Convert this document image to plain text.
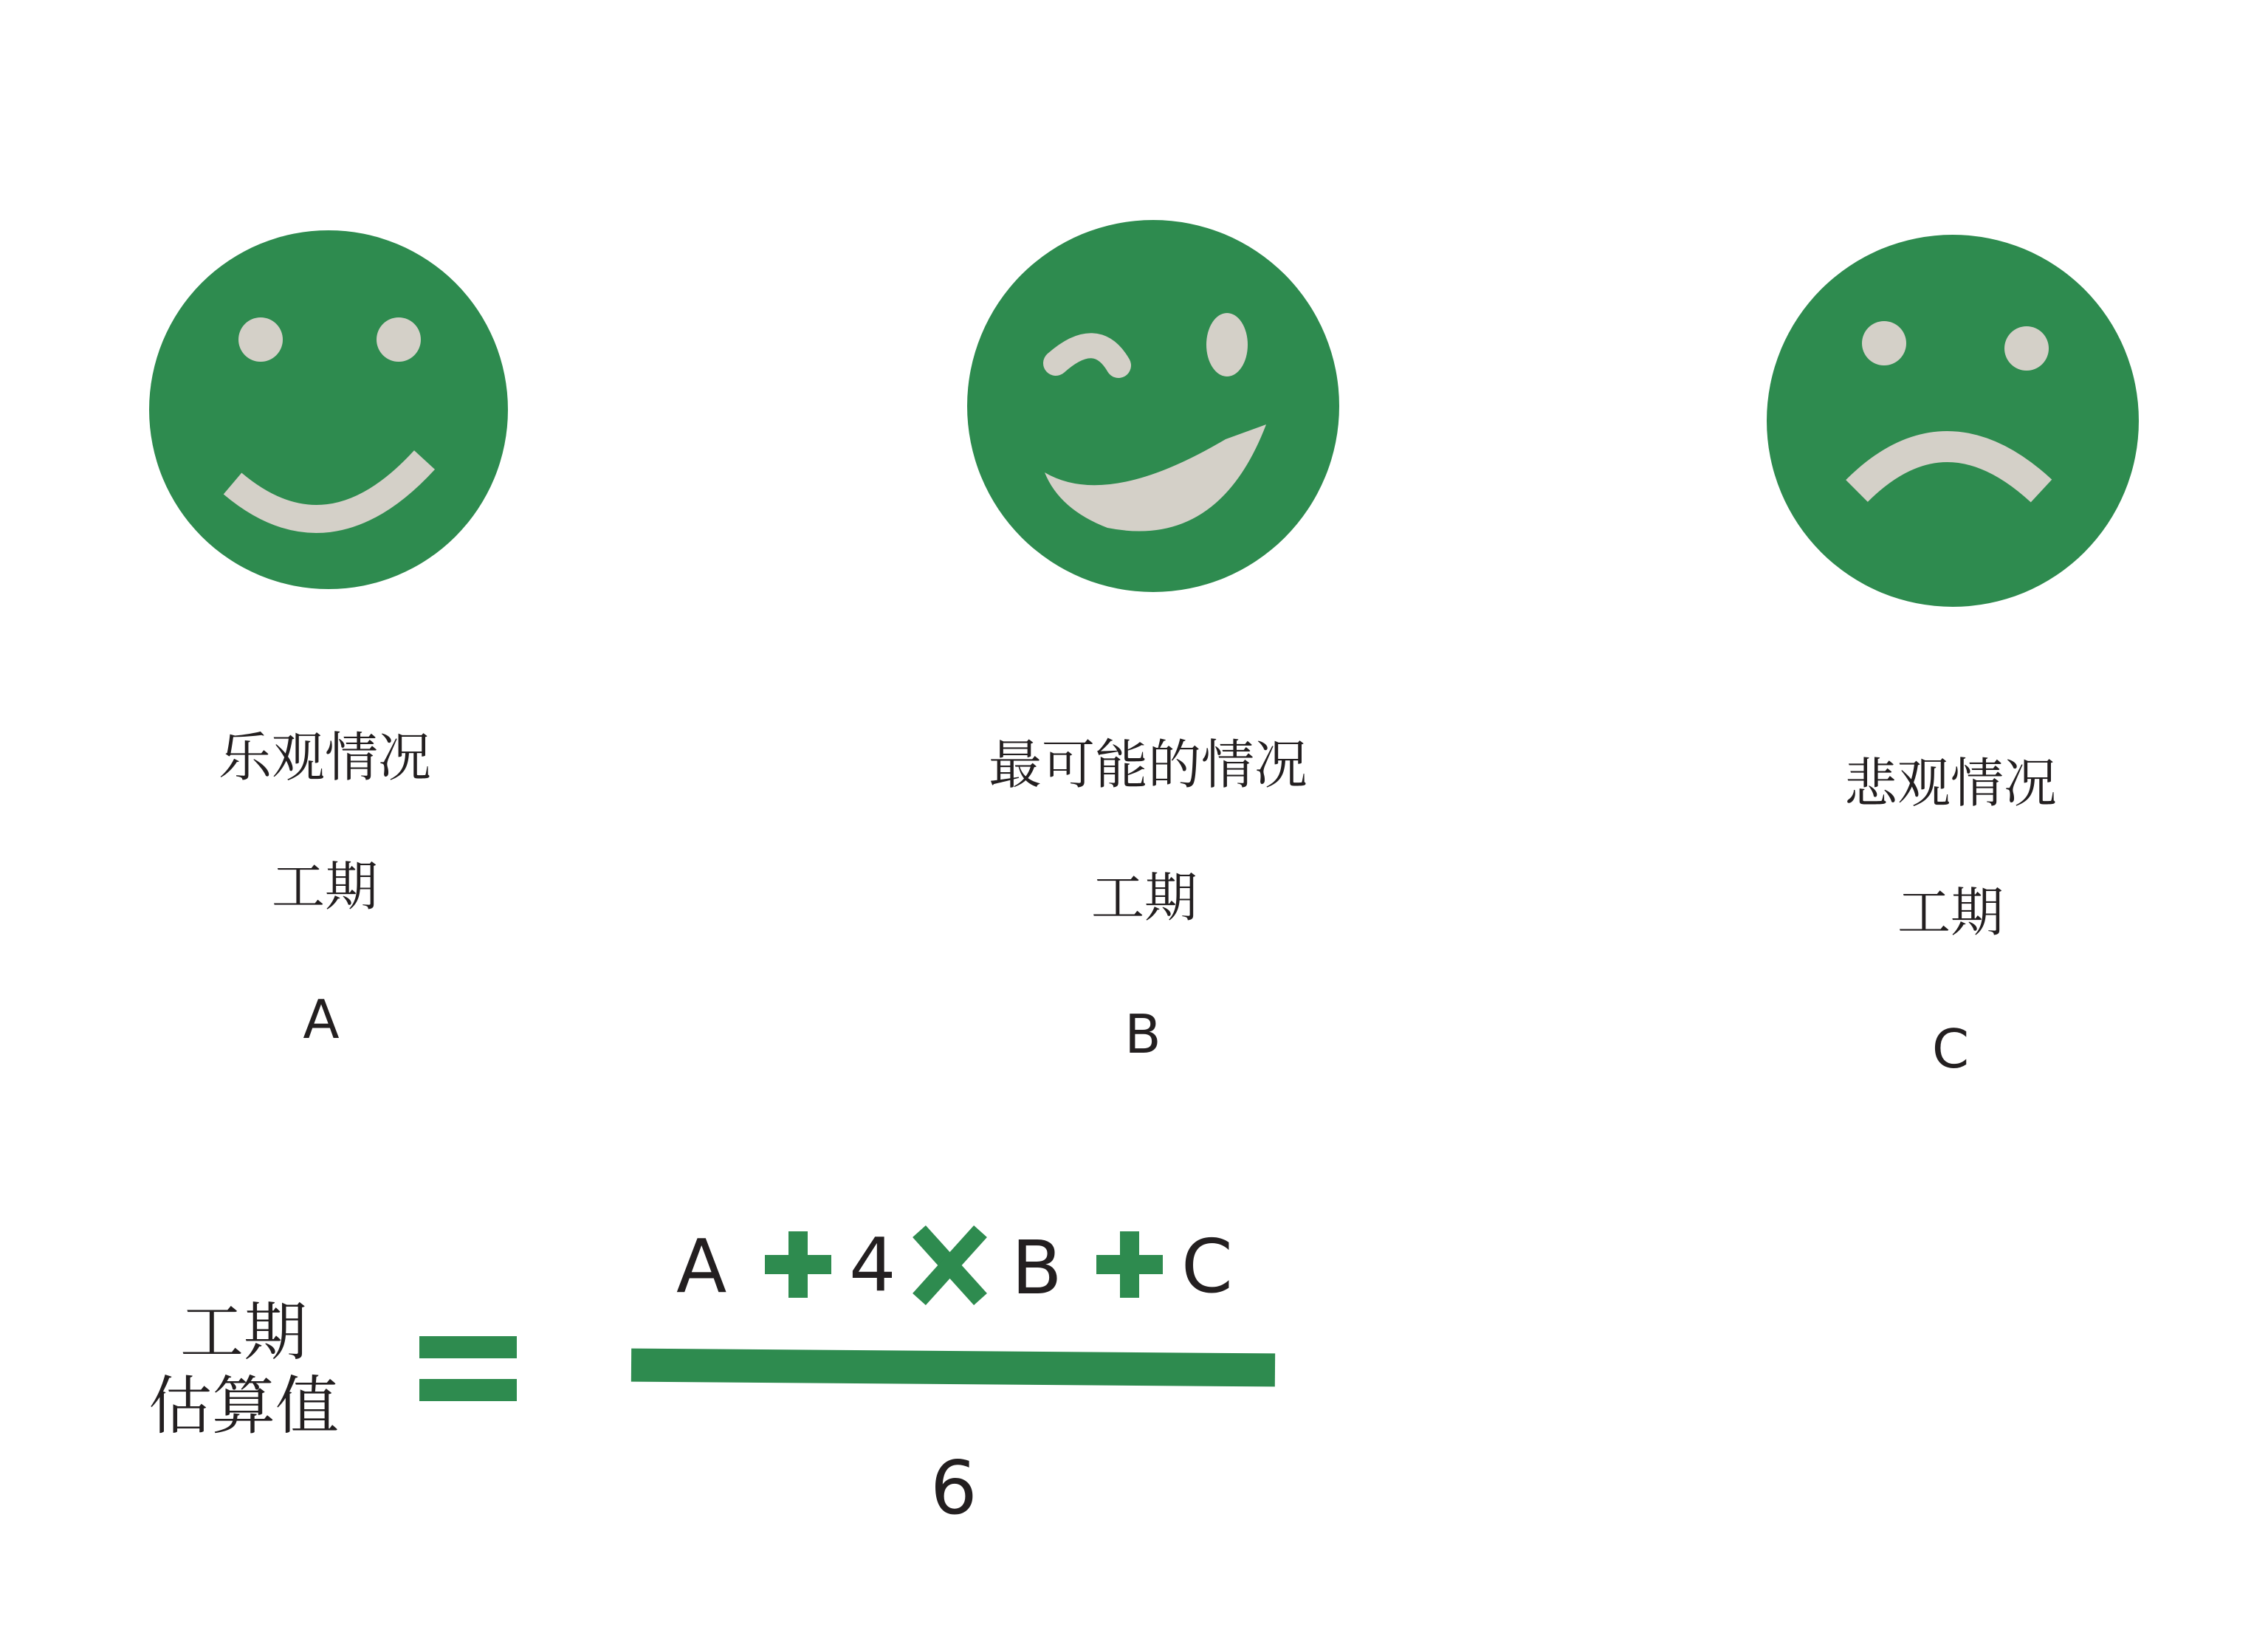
乐观情况
工期
A
最可能的情况
工期
B
悲观情况
工期
C
工期
估算值
A 4 B C
6
